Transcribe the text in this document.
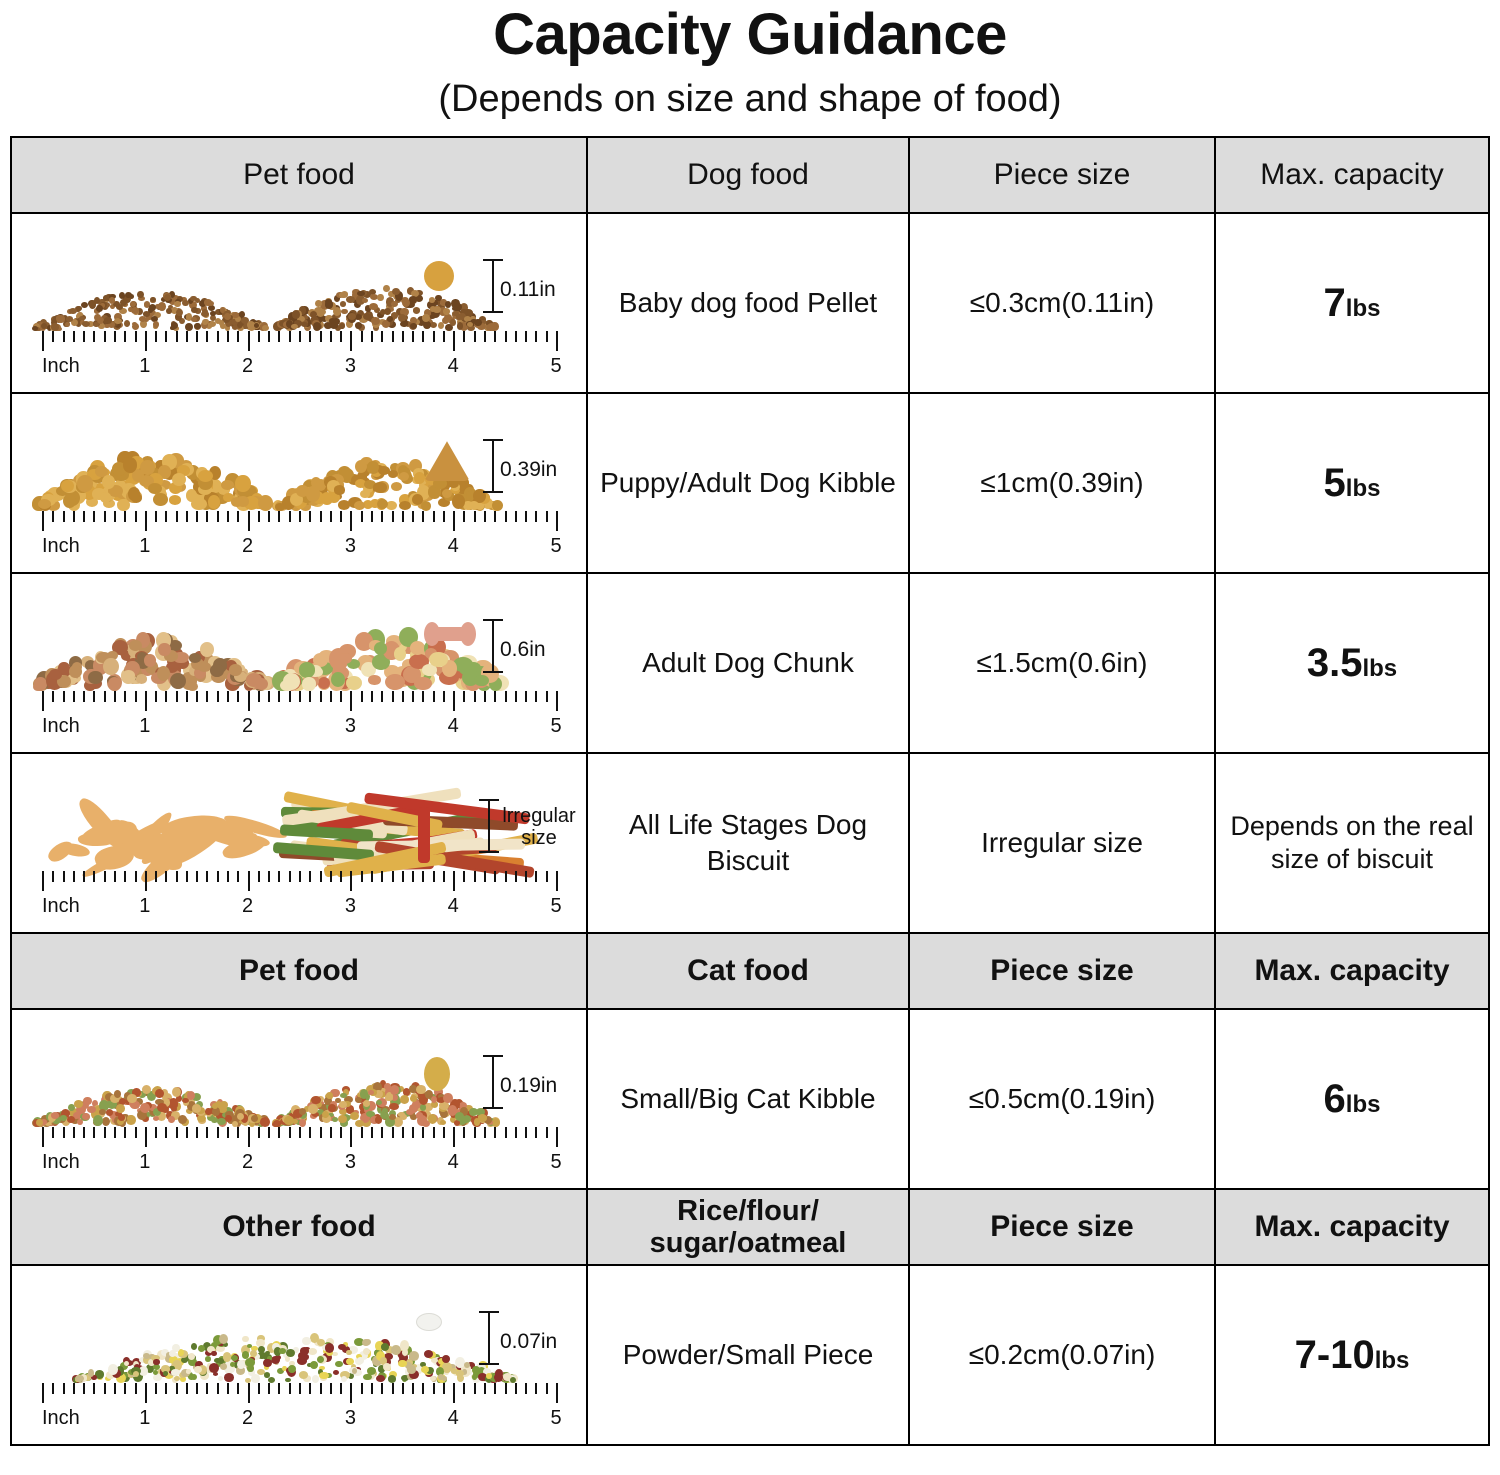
Capacity Guidance
(Depends on size and shape of food)
Pet food	Dog food	Piece size	Max. capacity

0.11in
Inch	1	2	3	4	5
	Baby dog food Pellet	≤0.3cm(0.11in)	7lbs

0.39in
Inch	1	2	3	4	5
	Puppy/Adult Dog Kibble	≤1cm(0.39in)	5lbs

0.6in
Inch	1	2	3	4	5
	Adult Dog Chunk	≤1.5cm(0.6in)	3.5lbs

lrregular size
Inch	1	2	3	4	5
	All Life Stages Dog Biscuit	Irregular size	Depends on the real size of biscuit
Pet food	Cat food	Piece size	Max. capacity

0.19in
Inch	1	2	3	4	5
	Small/Big Cat Kibble	≤0.5cm(0.19in)	6lbs
Other food	Rice/flour/
sugar/oatmeal	Piece size	Max. capacity

0.07in
Inch	1	2	3	4	5
	Powder/Small Piece	≤0.2cm(0.07in)	7-10lbs
